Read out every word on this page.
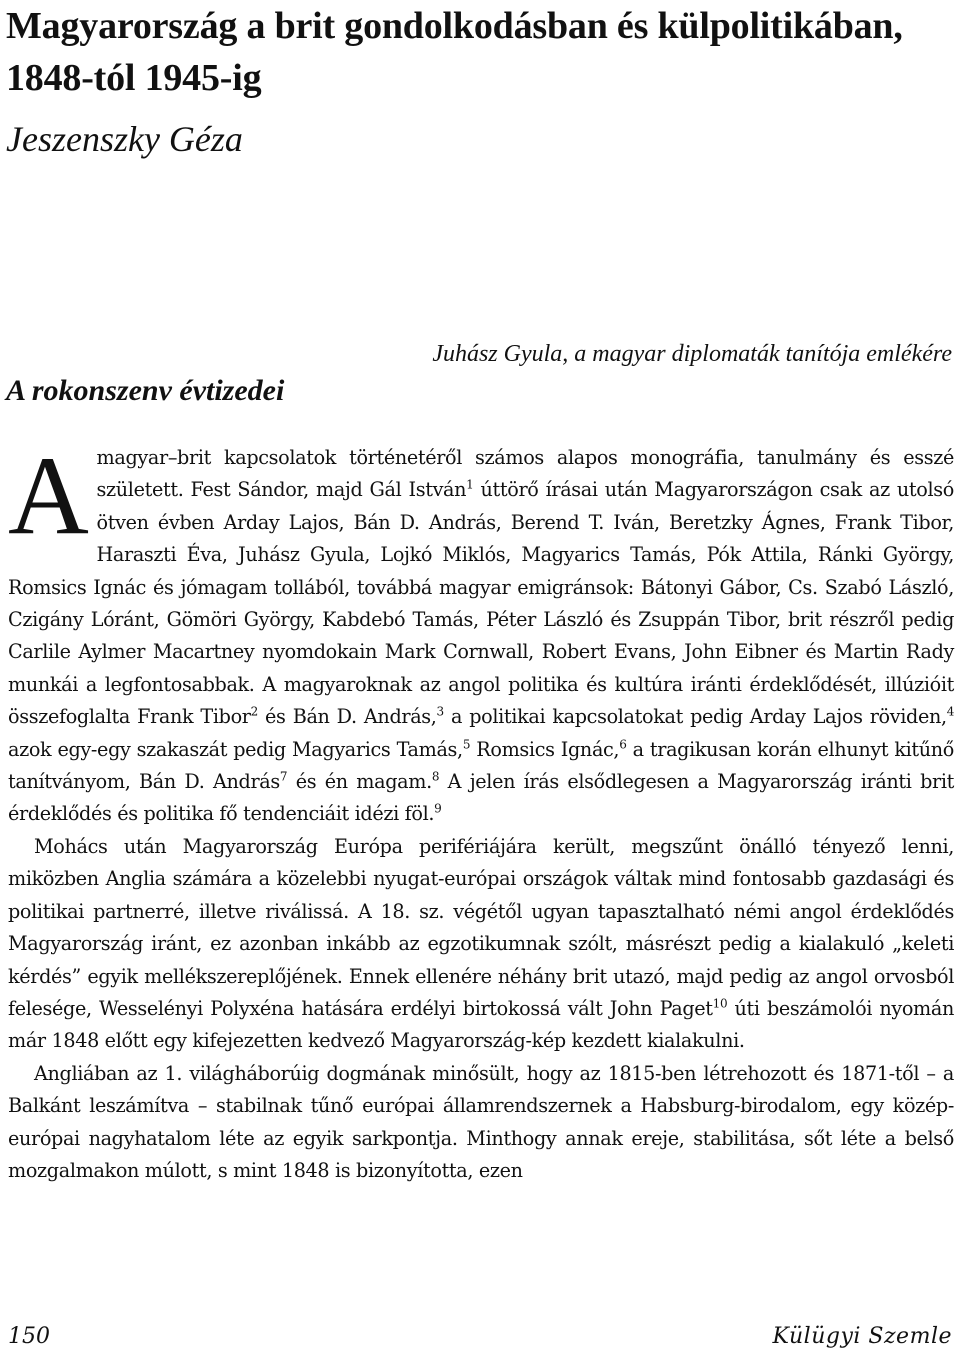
Magyarország a brit gondolkodásban és külpolitikában, 1848-tól 1945-ig

Jeszenszky Géza

Juhász Gyula, a magyar diplomaták tanítója emlékére

A rokonszenv évtizedei

A magyar–brit kapcsolatok történetéről számos alapos monográfia, tanulmány és esszé született. Fest Sándor, majd Gál István$^1$ úttörő írásai után Magyarországon csak az utolsó ötven évben Arday Lajos, Bán D. András, Berend T. Iván, Beretzky Ágnes, Frank Tibor, Haraszti Éva, Juhász Gyula, Lojkó Miklós, Magyarics Tamás, Pók Attila, Ránki György, Romsics Ignác és jómagam tollából, továbbá magyar emigránsok: Bátonyi Gábor, Cs. Szabó László, Czigány Lóránt, Gömöri György, Kabdebó Tamás, Péter László és Zsuppán Tibor, brit részről pedig Carlile Aylmer Macartney nyomdokain Mark Cornwall, Robert Evans, John Eibner és Martin Rady munkái a legfontosabbak. A magyaroknak az angol politika és kultúra iránti érdeklődését, illúzióit összefoglalta Frank Tibor$^2$ és Bán D. András,$^3$ a politikai kapcsolatokat pedig Arday Lajos röviden,$^4$ azok egy-egy szakaszát pedig Magyarics Tamás,$^5$ Romsics Ignác,$^6$ a tragikusan korán elhunyt kitűnő tanítványom, Bán D. András$^7$ és én magam.$^8$ A jelen írás elsődlegesen a Magyarország iránti brit érdeklődés és politika fő tendenciáit idézi föl.$^9$

Mohács után Magyarország Európa perifériájára került, megszűnt önálló tényező lenni, miközben Anglia számára a közelebbi nyugat-európai országok váltak mind fontosabb gazdasági és politikai partnerré, illetve riválissá. A 18. sz. végétől ugyan tapasztalható némi angol érdeklődés Magyarország iránt, ez azonban inkább az egzotikumnak szólt, másrészt pedig a kialakuló „keleti kérdés” egyik mellékszereplőjének. Ennek ellenére néhány brit utazó, majd pedig az angol orvosból felesége, Wesselényi Polyxéna hatására erdélyi birtokossá vált John Paget$^{10}$ úti beszámolói nyomán már 1848 előtt egy kifejezetten kedvező Magyarország-kép kezdett kialakulni.

Angliában az 1. világháborúig dogmának minősült, hogy az 1815-ben létrehozott és 1871-től – a Balkánt leszámítva – stabilnak tűnő európai államrendszernek a Habsburg-birodalom, egy közép-európai nagyhatalom léte az egyik sarkpontja. Minthogy annak ereje, stabilitása, sőt léte a belső mozgalmakon múlott, s mint 1848 is bizonyította, ezen

150	Külügyi Szemle
